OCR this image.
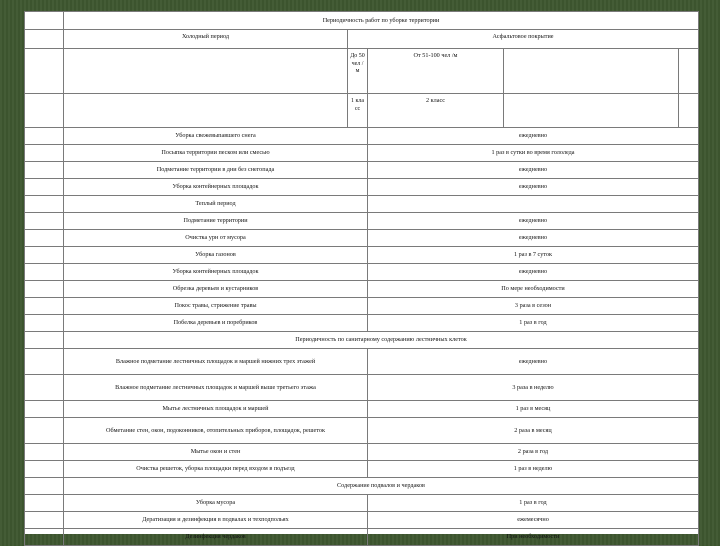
	Периодичность работ по уборке территории				
	Холодный период	Асфальтовое покрытие			
		До 50 чел /м	От 51-100 чел /м		
		1 кла сс	2 класс		
	Уборка свежевыпавшего снега		ежедневно		
	Посыпка территории песком или смесью		1 раз в сутки во время гололеда		
	Подметание территории в дни без снегопада		ежедневно		
	Уборка контейнерных площадок		ежедневно		
	Теплый период				
	Подметание территории		ежедневно		
	Очистка урн от мусора		ежедневно		
	Уборка газонов		1 раз в 7 суток		
	Уборка контейнерных площадок		ежедневно		
	Обрезка деревьев и кустарников		По мере необходимости		
	Покос травы, стрижение травы		3 раза в сезон		
	Побелка деревьев и поребриков		1 раз в год		
	Периодичность по санитарному содержанию лестничных клеток				
	Влажное подметание лестничных площадок и маршей нижних трех этажей		ежедневно		
	Влажное подметание лестничных площадок и маршей выше третьего этажа		3 раза в неделю		
	Мытье лестничных площадок и маршей		1 раз в месяц		
	Обметание стен, окон, подоконников, отопительных приборов, площадок, решеток		2 раза в месяц		
	Мытье окон и стен		2 раза в год		
	Очистка решеток, уборка площадки перед входом в подъезд		1 раз в неделю		
	Содержание подвалов и чердаков				
	Уборка мусора		1 раз в год		
	Дератизация и дезинфекция в подвалах и техподпольях		ежемесячно		
	Дезинфекция чердаков		При необходимости		
